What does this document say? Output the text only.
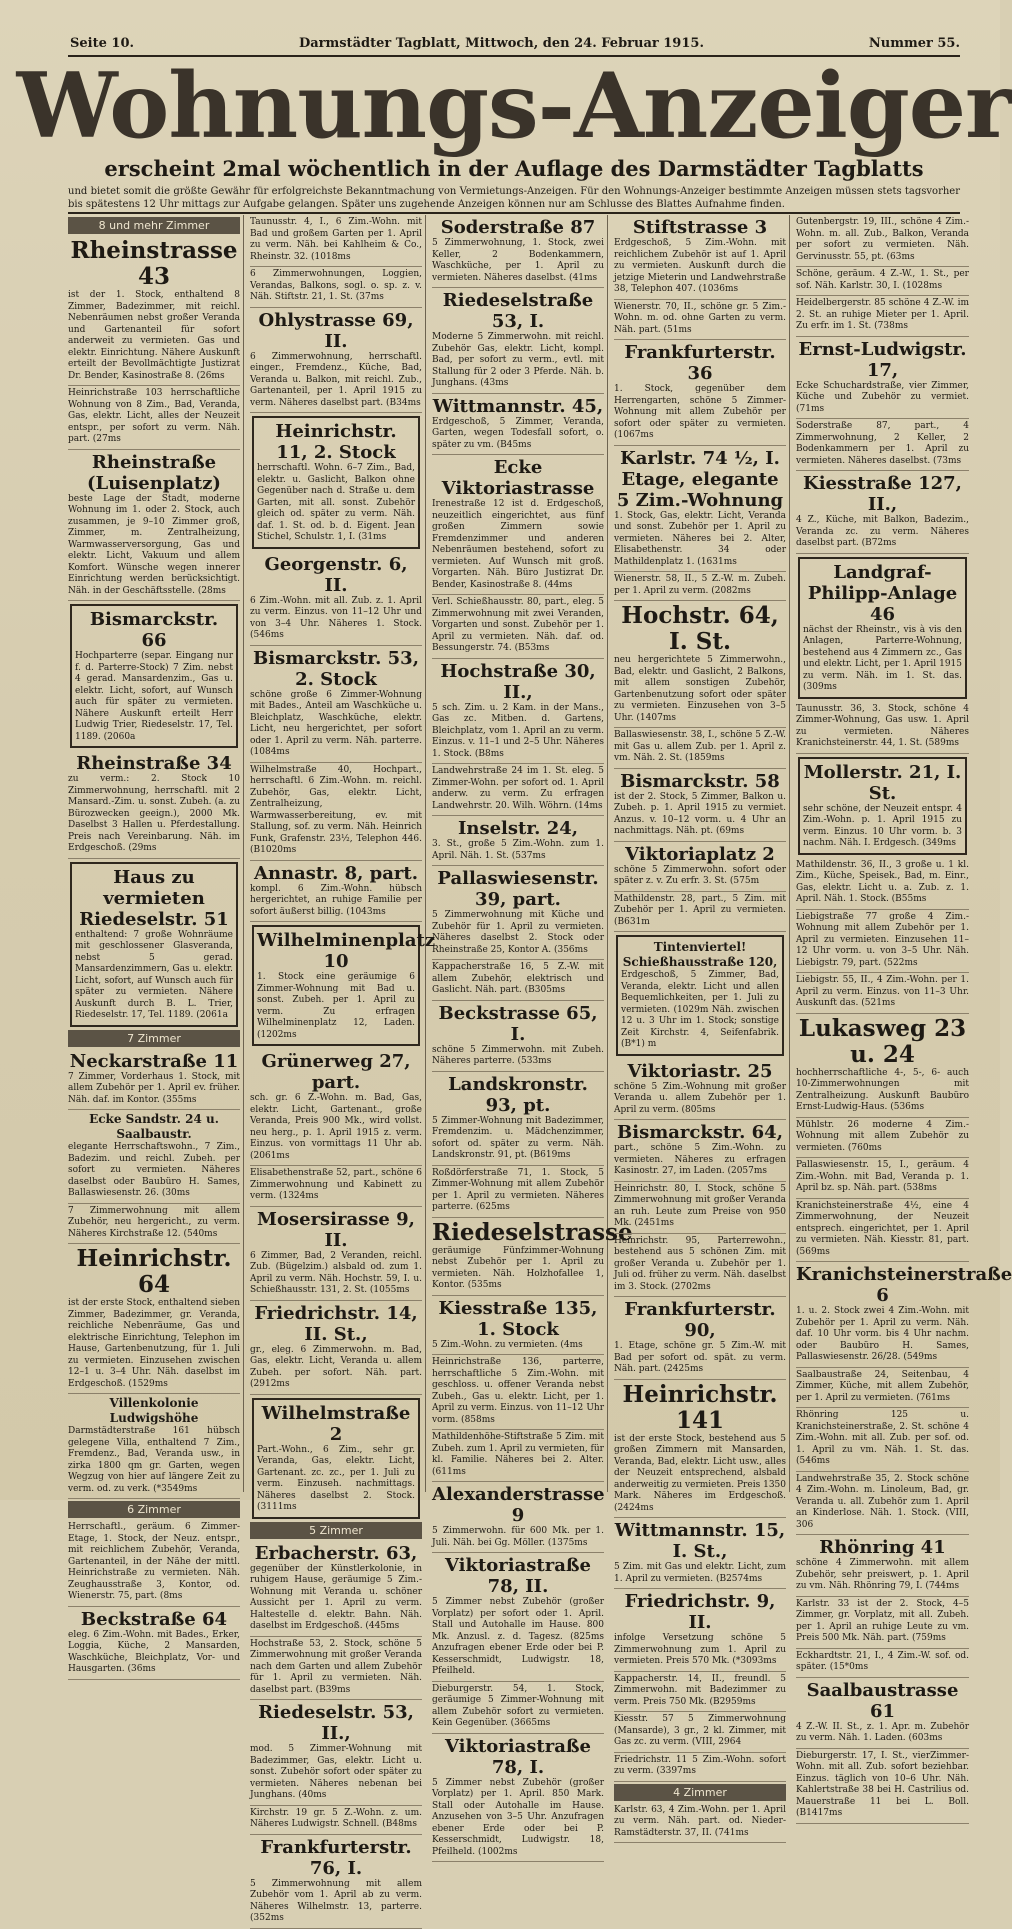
Seite 10.	Darmstädter Tagblatt, Mittwoch, den 24. Februar 1915.	Nummer 55.
Wohnungs-Anzeiger
erscheint 2mal wöchentlich in der Auflage des Darmstädter Tagblatts
und bietet somit die größte Gewähr für erfolgreichste Bekanntmachung von Vermietungs-Anzeigen. Für den Wohnungs-Anzeiger bestimmte Anzeigen müssen stets tagsvorher bis spätestens 12 Uhr mittags zur Aufgabe gelangen. Später uns zugehende Anzeigen können nur am Schlusse des Blattes Aufnahme finden.
8 und mehr Zimmer
Rheinstrasse 43
ist der 1. Stock, enthaltend 8 Zimmer, Badezimmer, mit reichl. Nebenräumen nebst großer Veranda und Gartenanteil für sofort anderweit zu vermieten. Gas und elektr. Einrichtung. Nähere Auskunft erteilt der Bevollmächtigte Justizrat Dr. Bender, Kasinostraße 8. (26ms
Heinrichstraße 103 herrschaftliche Wohnung von 8 Zim., Bad, Veranda, Gas, elektr. Licht, alles der Neuzeit entspr., per sofort zu verm. Näh. part. (27ms
Rheinstraße (Luisenplatz)
beste Lage der Stadt, moderne Wohnung im 1. oder 2. Stock, auch zusammen, je 9–10 Zimmer groß, Zimmer, m. Zentralheizung, Warmwasserversorgung, Gas und elektr. Licht, Vakuum und allem Komfort. Wünsche wegen innerer Einrichtung werden berücksichtigt. Näh. in der Geschäftsstelle. (28ms
Bismarckstr. 66
Hochparterre (separ. Eingang nur f. d. Parterre-Stock) 7 Zim. nebst 4 gerad. Mansardenzim., Gas u. elektr. Licht, sofort, auf Wunsch auch für später zu vermieten. Nähere Auskunft erteilt Herr Ludwig Trier, Riedeselstr. 17, Tel. 1189. (2060a
Rheinstraße 34
zu verm.: 2. Stock 10 Zimmerwohnung, herrschaftl. mit 2 Mansard.-Zim. u. sonst. Zubeh. (a. zu Bürozwecken geeign.), 2000 Mk. Daselbst 3 Hallen u. Pferdestallung. Preis nach Vereinbarung. Näh. im Erdgeschoß. (29ms
Haus zu vermieten Riedeselstr. 51
enthaltend: 7 große Wohnräume mit geschlossener Glasveranda, nebst 5 gerad. Mansardenzimmern, Gas u. elektr. Licht, sofort, auf Wunsch auch für später zu vermieten. Nähere Auskunft durch B. L. Trier, Riedeselstr. 17, Tel. 1189. (2061a
7 Zimmer
Neckarstraße 11
7 Zimmer, Vorderhaus 1. Stock, mit allem Zubehör per 1. April ev. früher. Näh. daf. im Kontor. (355ms
Ecke Sandstr. 24 u. Saalbaustr.
elegante Herrschaftswohn., 7 Zim., Badezim. und reichl. Zubeh. per sofort zu vermieten. Näheres daselbst oder Baubüro H. Sames, Ballaswiesenstr. 26. (30ms
7 Zimmerwohnung mit allem Zubehör, neu hergericht., zu verm. Näheres Kirchstraße 12. (540ms
Heinrichstr. 64
ist der erste Stock, enthaltend sieben Zimmer, Badezimmer, gr. Veranda, reichliche Nebenräume, Gas und elektrische Einrichtung, Telephon im Hause, Gartenbenutzung, für 1. Juli zu vermieten. Einzusehen zwischen 12–1 u. 3–4 Uhr. Näh. daselbst im Erdgeschoß. (1529ms
Villenkolonie Ludwigshöhe
Darmstädterstraße 161 hübsch gelegene Villa, enthaltend 7 Zim., Fremdenz., Bad, Veranda usw., in zirka 1800 qm gr. Garten, wegen Wegzug von hier auf längere Zeit zu verm. od. zu verk. (*3549ms
6 Zimmer
Herrschaftl., geräum. 6 Zimmer-Etage, 1. Stock, der Neuz. entspr., mit reichlichem Zubehör, Veranda, Gartenanteil, in der Nähe der mittl. Heinrichstraße zu vermieten. Näh. Zeughausstraße 3, Kontor, od. Wienerstr. 75, part. (8ms
Beckstraße 64
eleg. 6 Zim.-Wohn. mit Bades., Erker, Loggia, Küche, 2 Mansarden, Waschküche, Bleichplatz, Vor- und Hausgarten. (36ms
Taunusstr. 4, I., 6 Zim.-Wohn. mit Bad und großem Garten per 1. April zu verm. Näh. bei Kahlheim & Co., Rheinstr. 32. (1018ms
6 Zimmerwohnungen, Loggien, Verandas, Balkons, sogl. o. sp. z. v. Näh. Stiftstr. 21, 1. St. (37ms
Ohlystrasse 69, II.
6 Zimmerwohnung, herrschaftl. einger., Fremdenz., Küche, Bad, Veranda u. Balkon, mit reichl. Zub., Gartenanteil, per 1. April 1915 zu verm. Näheres daselbst part. (B34ms
Heinrichstr. 11, 2. Stock
herrschaftl. Wohn. 6–7 Zim., Bad, elektr. u. Gaslicht, Balkon ohne Gegenüber nach d. Straße u. dem Garten, mit all. sonst. Zubehör gleich od. später zu verm. Näh. daf. 1. St. od. b. d. Eigent. Jean Stichel, Schulstr. 1, I. (31ms
Georgenstr. 6, II.
6 Zim.-Wohn. mit all. Zub. z. 1. April zu verm. Einzus. von 11–12 Uhr und von 3–4 Uhr. Näheres 1. Stock. (546ms
Bismarckstr. 53, 2. Stock
schöne große 6 Zimmer-Wohnung mit Bades., Anteil am Waschküche u. Bleichplatz, Waschküche, elektr. Licht, neu hergerichtet, per sofort oder 1. April zu verm. Näh. parterre. (1084ms
Wilhelmstraße 40, Hochpart., herrschaftl. 6 Zim.-Wohn. m. reichl. Zubehör, Gas, elektr. Licht, Zentralheizung, Warmwasserbereitung, ev. mit Stallung, sof. zu verm. Näh. Heinrich Funk, Grafenstr. 23½, Telephon 446. (B1020ms
Annastr. 8, part.
kompl. 6 Zim.-Wohn. hübsch hergerichtet, an ruhige Familie per sofort äußerst billig. (1043ms
Wilhelminenplatz 10
1. Stock eine geräumige 6 Zimmer-Wohnung mit Bad u. sonst. Zubeh. per 1. April zu verm. Zu erfragen Wilhelminenplatz 12, Laden. (1202ms
Grünerweg 27, part.
sch. gr. 6 Z.-Wohn. m. Bad, Gas, elektr. Licht, Gartenant., große Veranda, Preis 900 Mk., wird vollst. neu herg., p. 1. April 1915 z. verm. Einzus. von vormittags 11 Uhr ab. (2061ms
Elisabethenstraße 52, part., schöne 6 Zimmerwohnung und Kabinett zu verm. (1324ms
Mosersirasse 9, II.
6 Zimmer, Bad, 2 Veranden, reichl. Zub. (Bügelzim.) alsbald od. zum 1. April zu verm. Näh. Hochstr. 59, I. u. Schießhausstr. 131, 2. St. (1055ms
Friedrichstr. 14, II. St.,
gr., eleg. 6 Zimmerwohn. m. Bad, Gas, elektr. Licht, Veranda u. allem Zubeh. per sofort. Näh. part. (2912ms
Wilhelmstraße 2
Part.-Wohn., 6 Zim., sehr gr. Veranda, Gas, elektr. Licht, Gartenant. zc. zc., per 1. Juli zu verm. Einzuseh. nachmittags. Näheres daselbst 2. Stock. (3111ms
5 Zimmer
Erbacherstr. 63,
gegenüber der Künstlerkolonie, in ruhigem Hause, geräumige 5 Zim.-Wohnung mit Veranda u. schöner Aussicht per 1. April zu verm. Haltestelle d. elektr. Bahn. Näh. daselbst im Erdgeschoß. (445ms
Hochstraße 53, 2. Stock, schöne 5 Zimmerwohnung mit großer Veranda nach dem Garten und allem Zubehör für 1. April zu vermieten. Näh. daselbst part. (B39ms
Riedeselstr. 53, II.,
mod. 5 Zimmer-Wohnung mit Badezimmer, Gas, elektr. Licht u. sonst. Zubehör sofort oder später zu vermieten. Näheres nebenan bei Junghans. (40ms
Kirchstr. 19 gr. 5 Z.-Wohn. z. um. Näheres Ludwigstr. Schnell. (B48ms
Frankfurterstr. 76, I.
5 Zimmerwohnung mit allem Zubehör vom 1. April ab zu verm. Näheres Wilhelmstr. 13, parterre. (352ms
Soderstraße 87
5 Zimmerwohnung, 1. Stock, zwei Keller, 2 Bodenkammern, Waschküche, per 1. April zu vermieten. Näheres daselbst. (41ms
Riedeselstraße 53, I.
Moderne 5 Zimmerwohn. mit reichl. Zubehör Gas, elektr. Licht, kompl. Bad, per sofort zu verm., evtl. mit Stallung für 2 oder 3 Pferde. Näh. b. Junghans. (43ms
Wittmannstr. 45,
Erdgeschoß, 5 Zimmer, Veranda, Garten, wegen Todesfall sofort, o. später zu vm. (B45ms
Ecke Viktoriastrasse
Irenestraße 12 ist d. Erdgeschoß, neuzeitlich eingerichtet, aus fünf großen Zimmern sowie Fremdenzimmer und anderen Nebenräumen bestehend, sofort zu vermieten. Auf Wunsch mit groß. Vorgarten. Näh. Büro Justizrat Dr. Bender, Kasinostraße 8. (44ms
Verl. Schießhausstr. 80, part., eleg. 5 Zimmerwohnung mit zwei Veranden, Vorgarten und sonst. Zubehör per 1. April zu vermieten. Näh. daf. od. Bessungerstr. 74. (B53ms
Hochstraße 30, II.,
5 sch. Zim. u. 2 Kam. in der Mans., Gas zc. Mitben. d. Gartens, Bleichplatz, vom 1. April an zu verm. Einzus. v. 11–1 und 2–5 Uhr. Näheres 1. Stock. (B8ms
Landwehrstraße 24 im 1. St. eleg. 5 Zimmer-Wohn. per sofort od. 1. April anderw. zu verm. Zu erfragen Landwehrstr. 20. Wilh. Wöhrn. (14ms
Inselstr. 24,
3. St., große 5 Zim.-Wohn. zum 1. April. Näh. 1. St. (537ms
Pallaswiesenstr. 39, part.
5 Zimmerwohnung mit Küche und Zubehör für 1. April zu vermieten. Näheres daselbst 2. Stock oder Rheinstraße 25, Kontor A. (356ms
Kappacherstraße 16, 5 Z.-W. mit allem Zubehör, elektrisch und Gaslicht. Näh. part. (B305ms
Beckstrasse 65, I.
schöne 5 Zimmerwohn. mit Zubeh. Näheres parterre. (533ms
Landskronstr. 93, pt.
5 Zimmer-Wohnung mit Badezimmer, Fremdenzim. u. Mädchenzimmer, sofort od. später zu verm. Näh. Landskronstr. 91, pt. (B619ms
Roßdörferstraße 71, 1. Stock, 5 Zimmer-Wohnung mit allem Zubehör per 1. April zu vermieten. Näheres parterre. (625ms
Riedeselstrasse
geräumige Fünfzimmer-Wohnung nebst Zubehör per 1. April zu vermieten. Näh. Holzhofallee 1, Kontor. (535ms
Kiesstraße 135, 1. Stock
5 Zim.-Wohn. zu vermieten. (4ms
Heinrichstraße 136, parterre, herrschaftliche 5 Zim.-Wohn. mit geschloss. u. offener Veranda nebst Zubeh., Gas u. elektr. Licht, per 1. April zu verm. Einzus. von 11–12 Uhr vorm. (858ms
Mathildenhöhe-Stiftstraße 5 Zim. mit Zubeh. zum 1. April zu vermieten, für kl. Familie. Näheres bei 2. Alter. (611ms
Alexanderstrasse 9
5 Zimmerwohn. für 600 Mk. per 1. Juli. Näh. bei Gg. Möller. (1375ms
Viktoriastraße 78, II.
5 Zimmer nebst Zubehör (großer Vorplatz) per sofort oder 1. April. Stall und Autohalle im Hause. 800 Mk. Anzusl. z. d. Tagesz. (825ms Anzufragen ebener Erde oder bei P. Kesserschmidt, Ludwigstr. 18, Pfeilheld.
Dieburgerstr. 54, 1. Stock, geräumige 5 Zimmer-Wohnung mit allem Zubehör sofort zu vermieten. Kein Gegenüber. (3665ms
Viktoriastraße 78, I.
5 Zimmer nebst Zubehör (großer Vorplatz) per 1. April. 850 Mark. Stall oder Autohalle im Hause. Anzusehen von 3–5 Uhr. Anzufragen ebener Erde oder bei P. Kesserschmidt, Ludwigstr. 18, Pfeilheld. (1002ms
Stiftstrasse 3
Erdgeschoß, 5 Zim.-Wohn. mit reichlichem Zubehör ist auf 1. April zu vermieten. Auskunft durch die jetzige Mieterin und Landwehrstraße 38, Telephon 407. (1036ms
Wienerstr. 70, II., schöne gr. 5 Zim.-Wohn. m. od. ohne Garten zu verm. Näh. part. (51ms
Frankfurterstr. 36
1. Stock, gegenüber dem Herrengarten, schöne 5 Zimmer-Wohnung mit allem Zubehör per sofort oder später zu vermieten. (1067ms
Karlstr. 74 ½, I. Etage, elegante 5 Zim.-Wohnung
1. Stock, Gas, elektr. Licht, Veranda und sonst. Zubehör per 1. April zu vermieten. Näheres bei 2. Alter, Elisabethenstr. 34 oder Mathildenplatz 1. (1631ms
Wienerstr. 58, II., 5 Z.-W. m. Zubeh. per 1. April zu verm. (2082ms
Hochstr. 64, I. St.
neu hergerichtete 5 Zimmerwohn., Bad, elektr. und Gaslicht, 2 Balkons, mit allem sonstigen Zubehör, Gartenbenutzung sofort oder später zu vermieten. Einzusehen von 3–5 Uhr. (1407ms
Ballaswiesenstr. 38, I., schöne 5 Z.-W. mit Gas u. allem Zub. per 1. April z. vm. Näh. 2. St. (1859ms
Bismarckstr. 58
ist der 2. Stock, 5 Zimmer, Balkon u. Zubeh. p. 1. April 1915 zu vermiet. Anzus. v. 10–12 vorm. u. 4 Uhr an nachmittags. Näh. pt. (69ms
Viktoriaplatz 2
schöne 5 Zimmerwohn. sofort oder später z. v. Zu erfr. 3. St. (575m
Mathildenstr. 28, part., 5 Zim. mit Zubehör per 1. April zu vermieten. (B631m
Tintenviertel! Schießhausstraße 120,
Erdgeschoß, 5 Zimmer, Bad, Veranda, elektr. Licht und allen Bequemlichkeiten, per 1. Juli zu vermieten. (1029m Näh. zwischen 12 u. 3 Uhr im 1. Stock; sonstige Zeit Kirchstr. 4, Seifenfabrik. (B*1) m
Viktoriastr. 25
schöne 5 Zim.-Wohnung mit großer Veranda u. allem Zubehör per 1. April zu verm. (805ms
Bismarckstr. 64,
part., schöne 5 Zim.-Wohn. zu vermieten. Näheres zu erfragen Kasinostr. 27, im Laden. (2057ms
Heinrichstr. 80, I. Stock, schöne 5 Zimmerwohnung mit großer Veranda an ruh. Leute zum Preise von 950 Mk. (2451ms
Heinrichstr. 95, Parterrewohn., bestehend aus 5 schönen Zim. mit großer Veranda u. Zubehör per 1. Juli od. früher zu verm. Näh. daselbst im 3. Stock. (2702ms
Frankfurterstr. 90,
1. Etage, schöne gr. 5 Zim.-W. mit Bad per sofort od. spät. zu verm. Näh. part. (2425ms
Heinrichstr. 141
ist der erste Stock, bestehend aus 5 großen Zimmern mit Mansarden, Veranda, Bad, elektr. Licht usw., alles der Neuzeit entsprechend, alsbald anderweitig zu vermieten. Preis 1350 Mark. Näheres im Erdgeschoß. (2424ms
Wittmannstr. 15, I. St.,
5 Zim. mit Gas und elektr. Licht, zum 1. April zu vermieten. (B2574ms
Friedrichstr. 9, II.
infolge Versetzung schöne 5 Zimmerwohnung zum 1. April zu vermieten. Preis 570 Mk. (*3093ms
Kappacherstr. 14, II., freundl. 5 Zimmerwohn. mit Badezimmer zu verm. Preis 750 Mk. (B2959ms
Kiesstr. 57 5 Zimmerwohnung (Mansarde), 3 gr., 2 kl. Zimmer, mit Gas zc. zu verm. (VIII, 2964
Friedrichstr. 11 5 Zim.-Wohn. sofort zu verm. (3397ms
4 Zimmer
Karlstr. 63, 4 Zim.-Wohn. per 1. April zu verm. Näh. part. od. Nieder-Ramstädterstr. 37, II. (741ms
Gutenbergstr. 19, III., schöne 4 Zim.-Wohn. m. all. Zub., Balkon, Veranda per sofort zu vermieten. Näh. Gervinusstr. 55, pt. (63ms
Schöne, geräum. 4 Z.-W., 1. St., per sof. Näh. Karlstr. 30, I. (1028ms
Heidelbergerstr. 85 schöne 4 Z.-W. im 2. St. an ruhige Mieter per 1. April. Zu erfr. im 1. St. (738ms
Ernst-Ludwigstr. 17,
Ecke Schuchardstraße, vier Zimmer, Küche und Zubehör zu vermiet. (71ms
Soderstraße 87, part., 4 Zimmerwohnung, 2 Keller, 2 Bodenkammern per 1. April zu vermieten. Näheres daselbst. (73ms
Kiesstraße 127, II.,
4 Z., Küche, mit Balkon, Badezim., Veranda zc. zu verm. Näheres daselbst part. (B72ms
Landgraf-Philipp-Anlage 46
nächst der Rheinstr., vis à vis den Anlagen, Parterre-Wohnung, bestehend aus 4 Zimmern zc., Gas und elektr. Licht, per 1. April 1915 zu verm. Näh. im 1. St. das. (309ms
Taunusstr. 36, 3. Stock, schöne 4 Zimmer-Wohnung, Gas usw. 1. April zu vermieten. Näheres Kranichsteinerstr. 44, 1. St. (589ms
Mollerstr. 21, I. St.
sehr schöne, der Neuzeit entspr. 4 Zim.-Wohn. p. 1. April 1915 zu verm. Einzus. 10 Uhr vorm. b. 3 nachm. Näh. I. Erdgesch. (349ms
Mathildenstr. 36, II., 3 große u. 1 kl. Zim., Küche, Speisek., Bad, m. Einr., Gas, elektr. Licht u. a. Zub. z. 1. April. Näh. 1. Stock. (B55ms
Liebigstraße 77 große 4 Zim.-Wohnung mit allem Zubehör per 1. April zu vermieten. Einzusehen 11–12 Uhr vorm. u. von 3–5 Uhr. Näh. Liebigstr. 79, part. (522ms
Liebigstr. 55, II., 4 Zim.-Wohn. per 1. April zu verm. Einzus. von 11–3 Uhr. Auskunft das. (521ms
Lukasweg 23 u. 24
hochherrschaftliche 4-, 5-, 6- auch 10-Zimmerwohnungen mit Zentralheizung. Auskunft Baubüro Ernst-Ludwig-Haus. (536ms
Mühlstr. 26 moderne 4 Zim.-Wohnung mit allem Zubehör zu vermieten. (760ms
Pallaswiesenstr. 15, I., geräum. 4 Zim.-Wohn. mit Bad, Veranda p. 1. April bz. sp. Näh. part. (538ms
Kranichsteinerstraße 4½, eine 4 Zimmerwohnung, der Neuzeit entsprech. eingerichtet, per 1. April zu vermieten. Näh. Kiesstr. 81, part. (569ms
Kranichsteinerstraße 6
1. u. 2. Stock zwei 4 Zim.-Wohn. mit Zubehör per 1. April zu verm. Näh. daf. 10 Uhr vorm. bis 4 Uhr nachm. oder Baubüro H. Sames, Pallaswiesenstr. 26/28. (549ms
Saalbaustraße 24, Seitenbau, 4 Zimmer, Küche, mit allem Zubehör, per 1. April zu vermieten. (761ms
Rhönring 125 u. Kranichsteinerstraße, 2. St. schöne 4 Zim.-Wohn. mit all. Zub. per sof. od. 1. April zu vm. Näh. 1. St. das. (546ms
Landwehrstraße 35, 2. Stock schöne 4 Zim.-Wohn. m. Linoleum, Bad, gr. Veranda u. all. Zubehör zum 1. April an Kinderlose. Näh. 1. Stock. (VIII, 306
Rhönring 41
schöne 4 Zimmerwohn. mit allem Zubehör, sehr preiswert, p. 1. April zu vm. Näh. Rhönring 79, I. (744ms
Karlstr. 33 ist der 2. Stock, 4–5 Zimmer, gr. Vorplatz, mit all. Zubeh. per 1. April an ruhige Leute zu vm. Preis 500 Mk. Näh. part. (759ms
Eckhardtstr. 21, I., 4 Zim.-W. sof. od. später. (15*0ms
Saalbaustrasse 61
4 Z.-W. II. St., z. 1. Apr. m. Zubehör zu verm. Näh. 1. Laden. (603ms
Dieburgerstr. 17, I. St., vierZimmer-Wohn. mit all. Zub. sofort beziehbar. Einzus. täglich von 10–6 Uhr. Näh. Kahlertstraße 38 bei H. Castrilius od. Mauerstraße 11 bei L. Boll. (B1417ms
